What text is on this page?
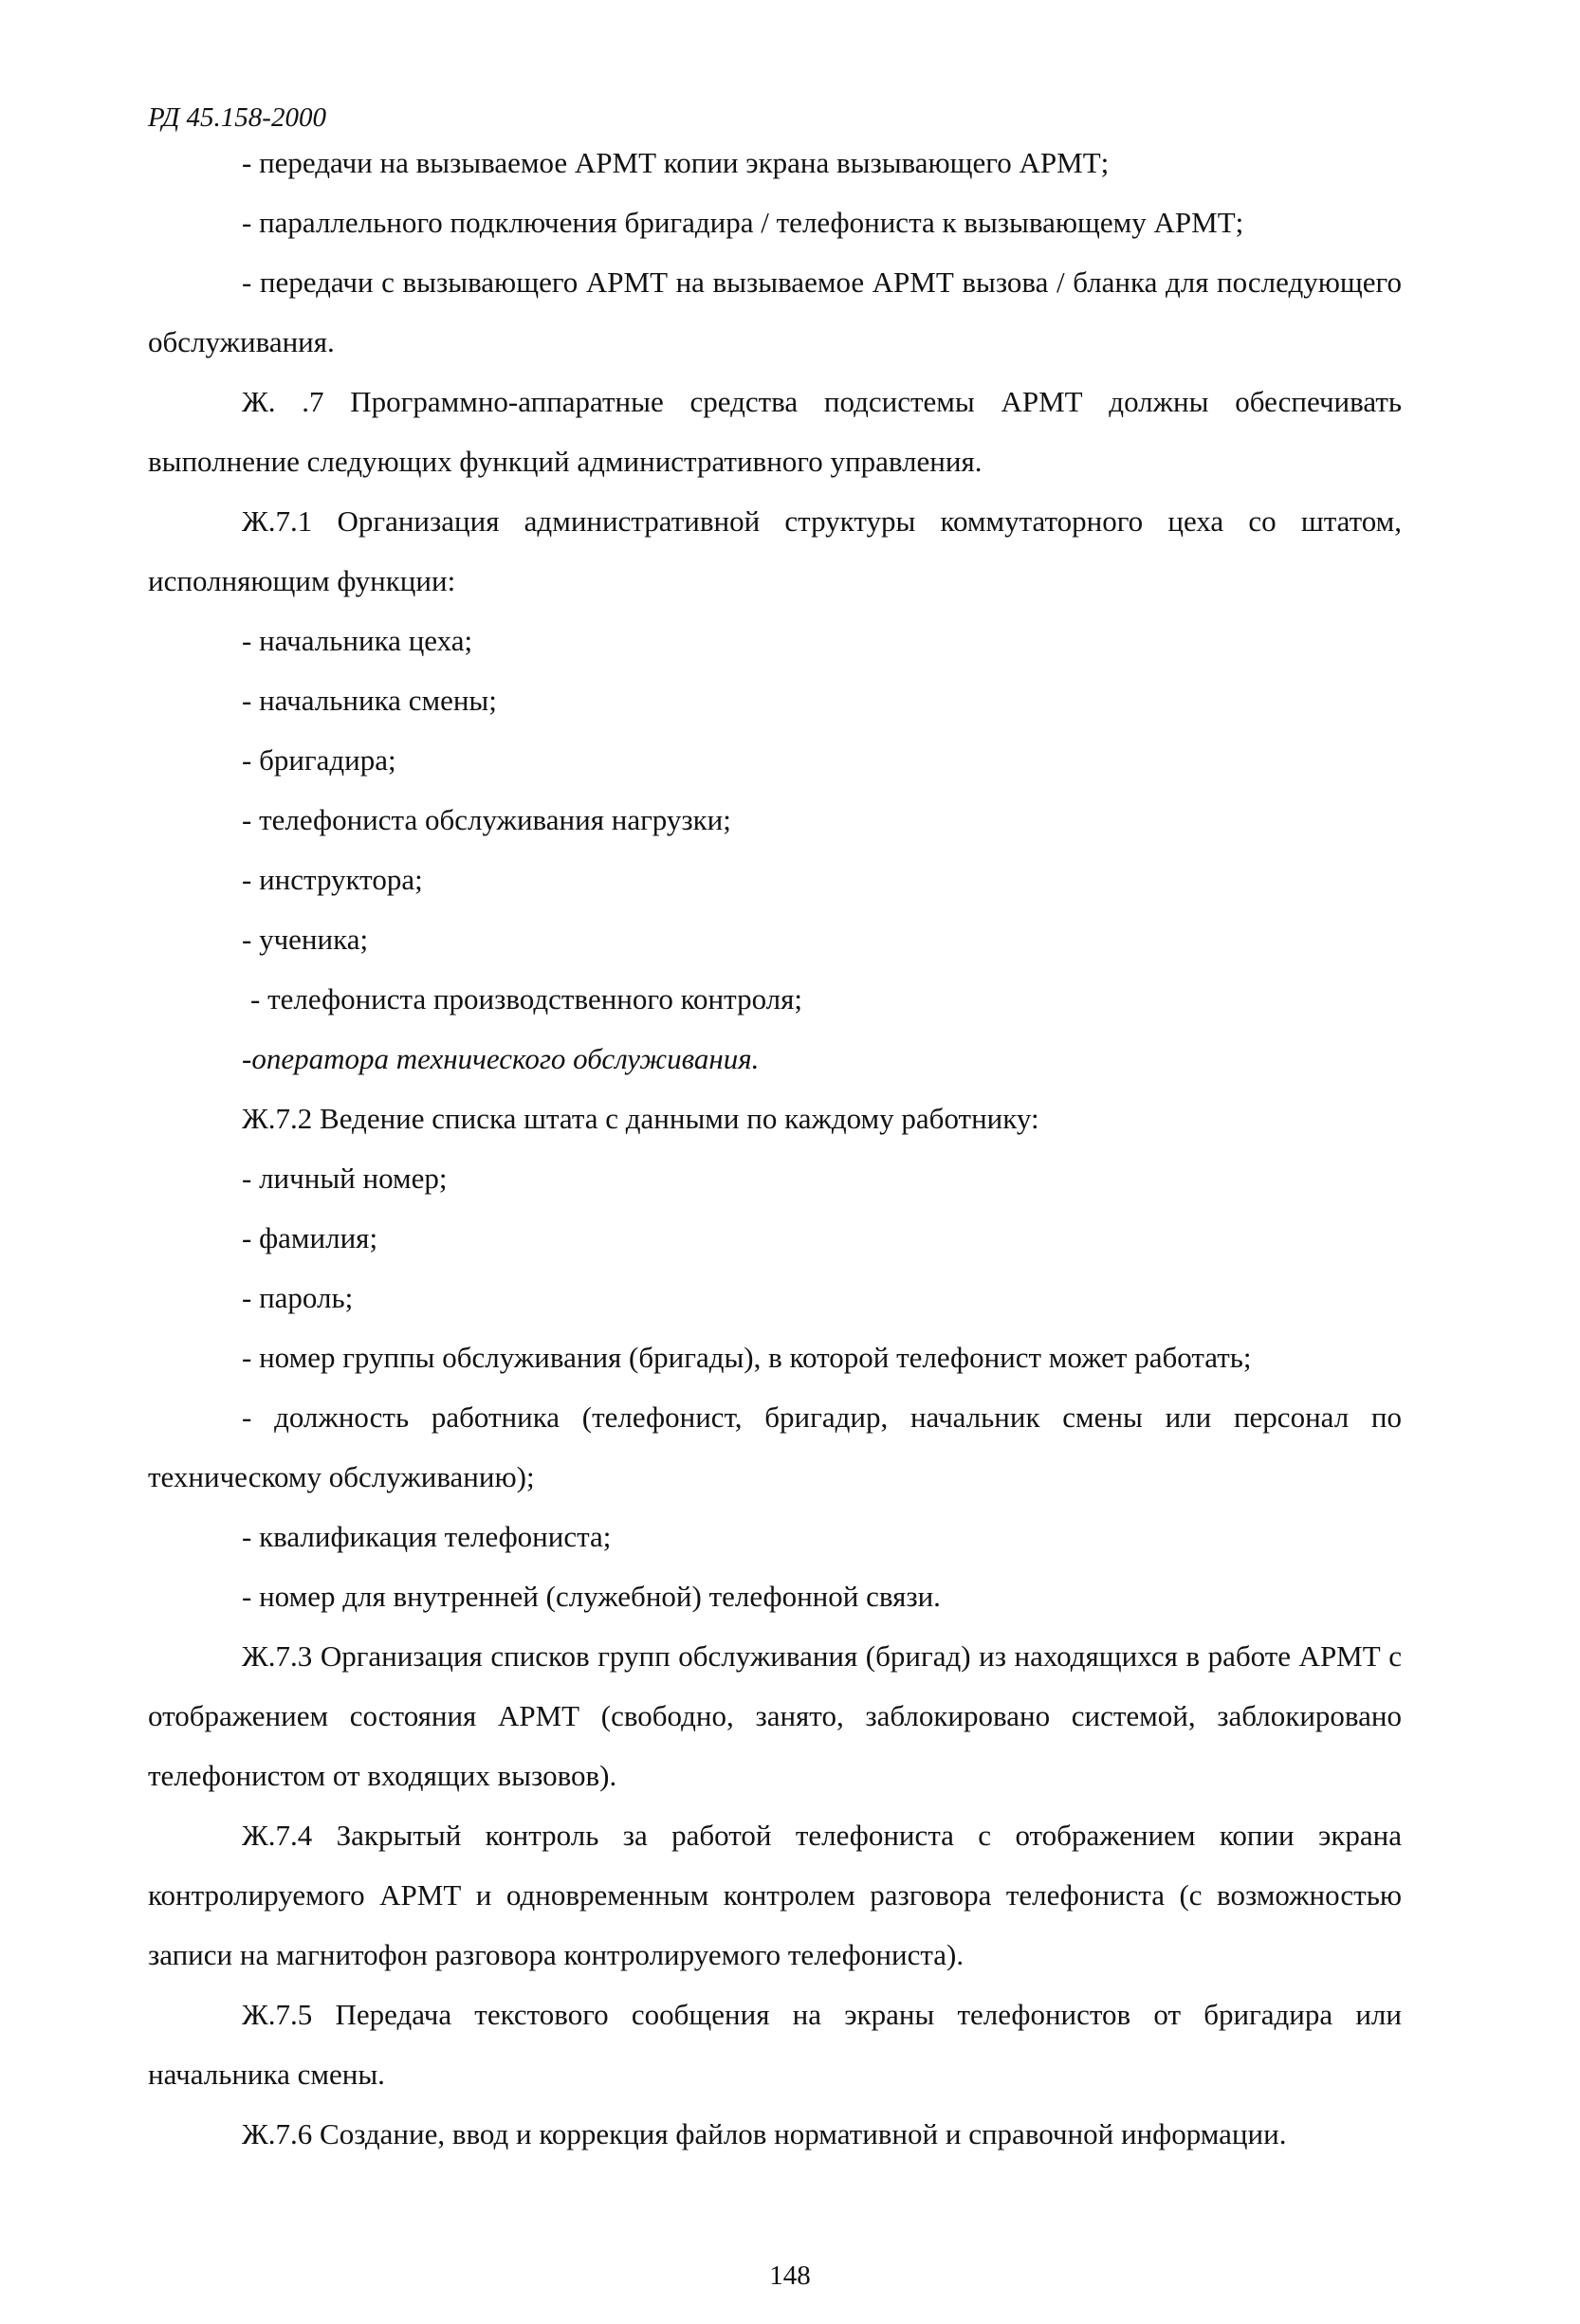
РД 45.158-2000

- передачи на вызываемое АРМТ копии экрана вызывающего АРМТ;

- параллельного подключения бригадира / телефониста к вызывающему АРМТ;

- передачи с вызывающего АРМТ на вызываемое АРМТ вызова / бланка для последующего обслуживания.

Ж. .7 Программно-аппаратные средства подсистемы АРМТ должны обеспечивать выполнение следующих функций административного управления.

Ж.7.1 Организация административной структуры коммутаторного цеха со штатом, исполняющим функции:

- начальника цеха;

- начальника смены;

- бригадира;

- телефониста обслуживания нагрузки;

- инструктора;

- ученика;

- телефониста производственного контроля;

-оператора технического обслуживания.

Ж.7.2 Ведение списка штата с данными по каждому работнику:

- личный номер;

- фамилия;

- пароль;

- номер группы обслуживания (бригады), в которой телефонист может работать;

- должность работника (телефонист, бригадир, начальник смены или персонал по техническому обслуживанию);

- квалификация телефониста;

- номер для внутренней (служебной) телефонной связи.

Ж.7.3 Организация списков групп обслуживания (бригад) из находящихся в работе АРМТ с отображением состояния АРМТ (свободно, занято, заблокировано системой, заблокировано телефонистом от входящих вызовов).

Ж.7.4 Закрытый контроль за работой телефониста с отображением копии экрана контролируемого АРМТ и одновременным контролем разговора телефониста (с возможностью записи на магнитофон разговора контролируемого телефониста).

Ж.7.5 Передача текстового сообщения на экраны телефонистов от бригадира или начальника смены.

Ж.7.6 Создание, ввод и коррекция файлов нормативной и справочной информации.

148
